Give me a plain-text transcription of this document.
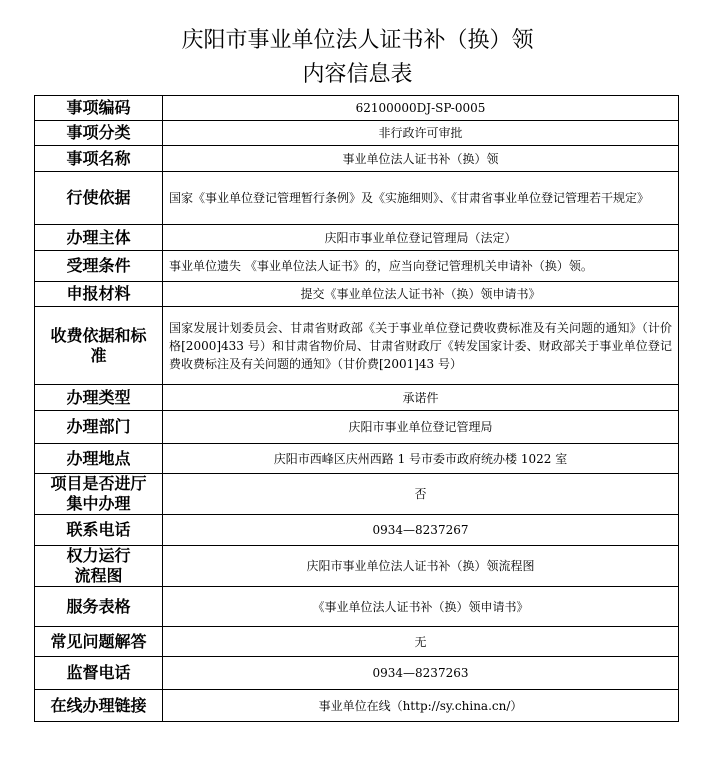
庆阳市事业单位法人证书补（换）领
内容信息表
事项编码	62100000DJ-SP-0005
事项分类	非行政许可审批
事项名称	事业单位法人证书补（换）领
行使依据	国家《事业单位登记管理暂行条例》及《实施细则》、《甘肃省事业单位登记管理若干规定》
办理主体	庆阳市事业单位登记管理局（法定）
受理条件	事业单位遗失 《事业单位法人证书》的，应当向登记管理机关申请补（换）领。
申报材料	提交《事业单位法人证书补（换）领申请书》
收费依据和标准	国家发展计划委员会、甘肃省财政部《关于事业单位登记费收费标准及有关问题的通知》（计价格[2000]433 号）和甘肃省物价局、甘肃省财政厅《转发国家计委、财政部关于事业单位登记费收费标注及有关问题的通知》（甘价费[2001]43 号）
办理类型	承诺件
办理部门	庆阳市事业单位登记管理局
办理地点	庆阳市西峰区庆州西路 1 号市委市政府统办楼 1022 室
项目是否进厅集中办理	否
联系电话	0934—8237267
权力运行流程图	庆阳市事业单位法人证书补（换）领流程图
服务表格	《事业单位法人证书补（换）领申请书》
常见问题解答	无
监督电话	0934—8237263
在线办理链接	事业单位在线（http://sy.china.cn/）
